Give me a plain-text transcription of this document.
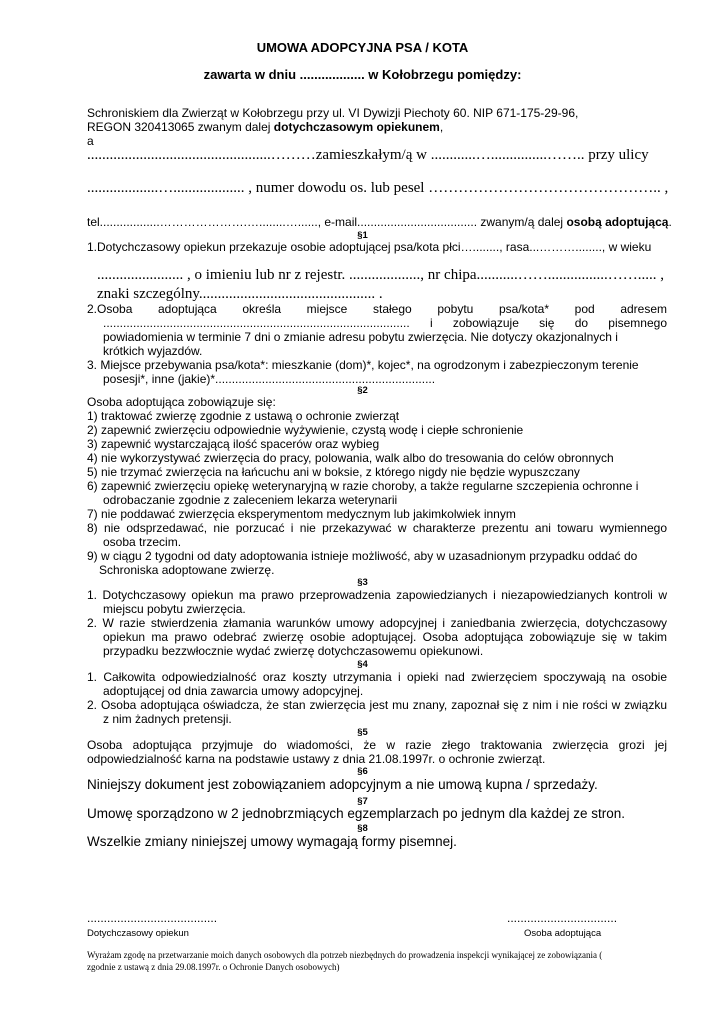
UMOWA ADOPCYJNA PSA / KOTA
zawarta w dniu .................. w Kołobrzegu pomiędzy:
Schroniskiem dla Zwierząt w Kołobrzegu przy ul. VI Dywizji Piechoty 60. NIP 671-175-29-96,
REGON 320413065 zwanym dalej dotychczasowym opiekunem,
a
.................................................………zamieszkałym/ą w ............…...............…….. przy ulicy
...................…................... , numer dowodu os. lub pesel ……………………………………….. ,
tel..................………………….…........…......, e-mail.................................... zwanym/ą dalej osobą adoptującą.
§1
1.Dotychczasowy opiekun przekazuje osobie adoptującej psa/kota płci…........, rasa...………........, w wieku
....................... , o imieniu lub nr z rejestr. ..................., nr chipa...........……................……..... ,
znaki szczególny............................................... .
2.Osoba adoptująca określa miejsce stałego pobytu psa/kota* pod adresem
............................................................................................ i zobowiązuje się do pisemnego
powiadomienia w terminie 7 dni o zmianie adresu pobytu zwierzęcia. Nie dotyczy okazjonalnych i
krótkich wyjazdów.
3. Miejsce przebywania psa/kota*: mieszkanie (dom)*, kojec*, na ogrodzonym i zabezpieczonym terenie
posesji*, inne (jakie)*..................................................................
§2
Osoba adoptująca zobowiązuje się:
1) traktować zwierzę zgodnie z ustawą o ochronie zwierząt
2) zapewnić zwierzęciu odpowiednie wyżywienie, czystą wodę i ciepłe schronienie
3) zapewnić wystarczającą ilość spacerów oraz wybieg
4) nie wykorzystywać zwierzęcia do pracy, polowania, walk albo do tresowania do celów obronnych
5) nie trzymać zwierzęcia na łańcuchu ani w boksie, z którego nigdy nie będzie wypuszczany
6) zapewnić zwierzęciu opiekę weterynaryjną w razie choroby, a także regularne szczepienia ochronne i
odrobaczanie zgodnie z zaleceniem lekarza weterynarii
7) nie poddawać zwierzęcia eksperymentom medycznym lub jakimkolwiek innym
8) nie odsprzedawać, nie porzucać i nie przekazywać w charakterze prezentu ani towaru wymiennego
osoba trzecim.
9) w ciągu 2 tygodni od daty adoptowania istnieje możliwość, aby w uzasadnionym przypadku oddać do
Schroniska adoptowane zwierzę.
§3
1. Dotychczasowy opiekun ma prawo przeprowadzenia zapowiedzianych i niezapowiedzianych kontroli w
miejscu pobytu zwierzęcia.
2. W razie stwierdzenia złamania warunków umowy adopcyjnej i zaniedbania zwierzęcia, dotychczasowy
opiekun ma prawo odebrać zwierzę osobie adoptującej. Osoba adoptująca zobowiązuje się w takim
przypadku bezzwłocznie wydać zwierzę dotychczasowemu opiekunowi.
§4
1. Całkowita odpowiedzialność oraz koszty utrzymania i opieki nad zwierzęciem spoczywają na osobie
adoptującej od dnia zawarcia umowy adopcyjnej.
2. Osoba adoptująca oświadcza, że stan zwierzęcia jest mu znany, zapoznał się z nim i nie rości w związku
z nim żadnych pretensji.
§5
Osoba adoptująca przyjmuje do wiadomości, że w razie złego traktowania zwierzęcia grozi jej
odpowiedzialność karna na podstawie ustawy z dnia 21.08.1997r. o ochronie zwierząt.
§6
Niniejszy dokument jest zobowiązaniem adopcyjnym a nie umową kupna / sprzedaży.
§7
Umowę sporządzono w 2 jednobrzmiących egzemplarzach po jednym dla każdej ze stron.
§8
Wszelkie zmiany niniejszej umowy wymagają formy pisemnej.
.......................................
Dotychczasowy opiekun
.................................
Osoba adoptująca
Wyrażam zgodę na przetwarzanie moich danych osobowych dla potrzeb niezbędnych do prowadzenia inspekcji wynikającej ze zobowiązania (
zgodnie z ustawą z dnia 29.08.1997r. o Ochronie Danych osobowych)
